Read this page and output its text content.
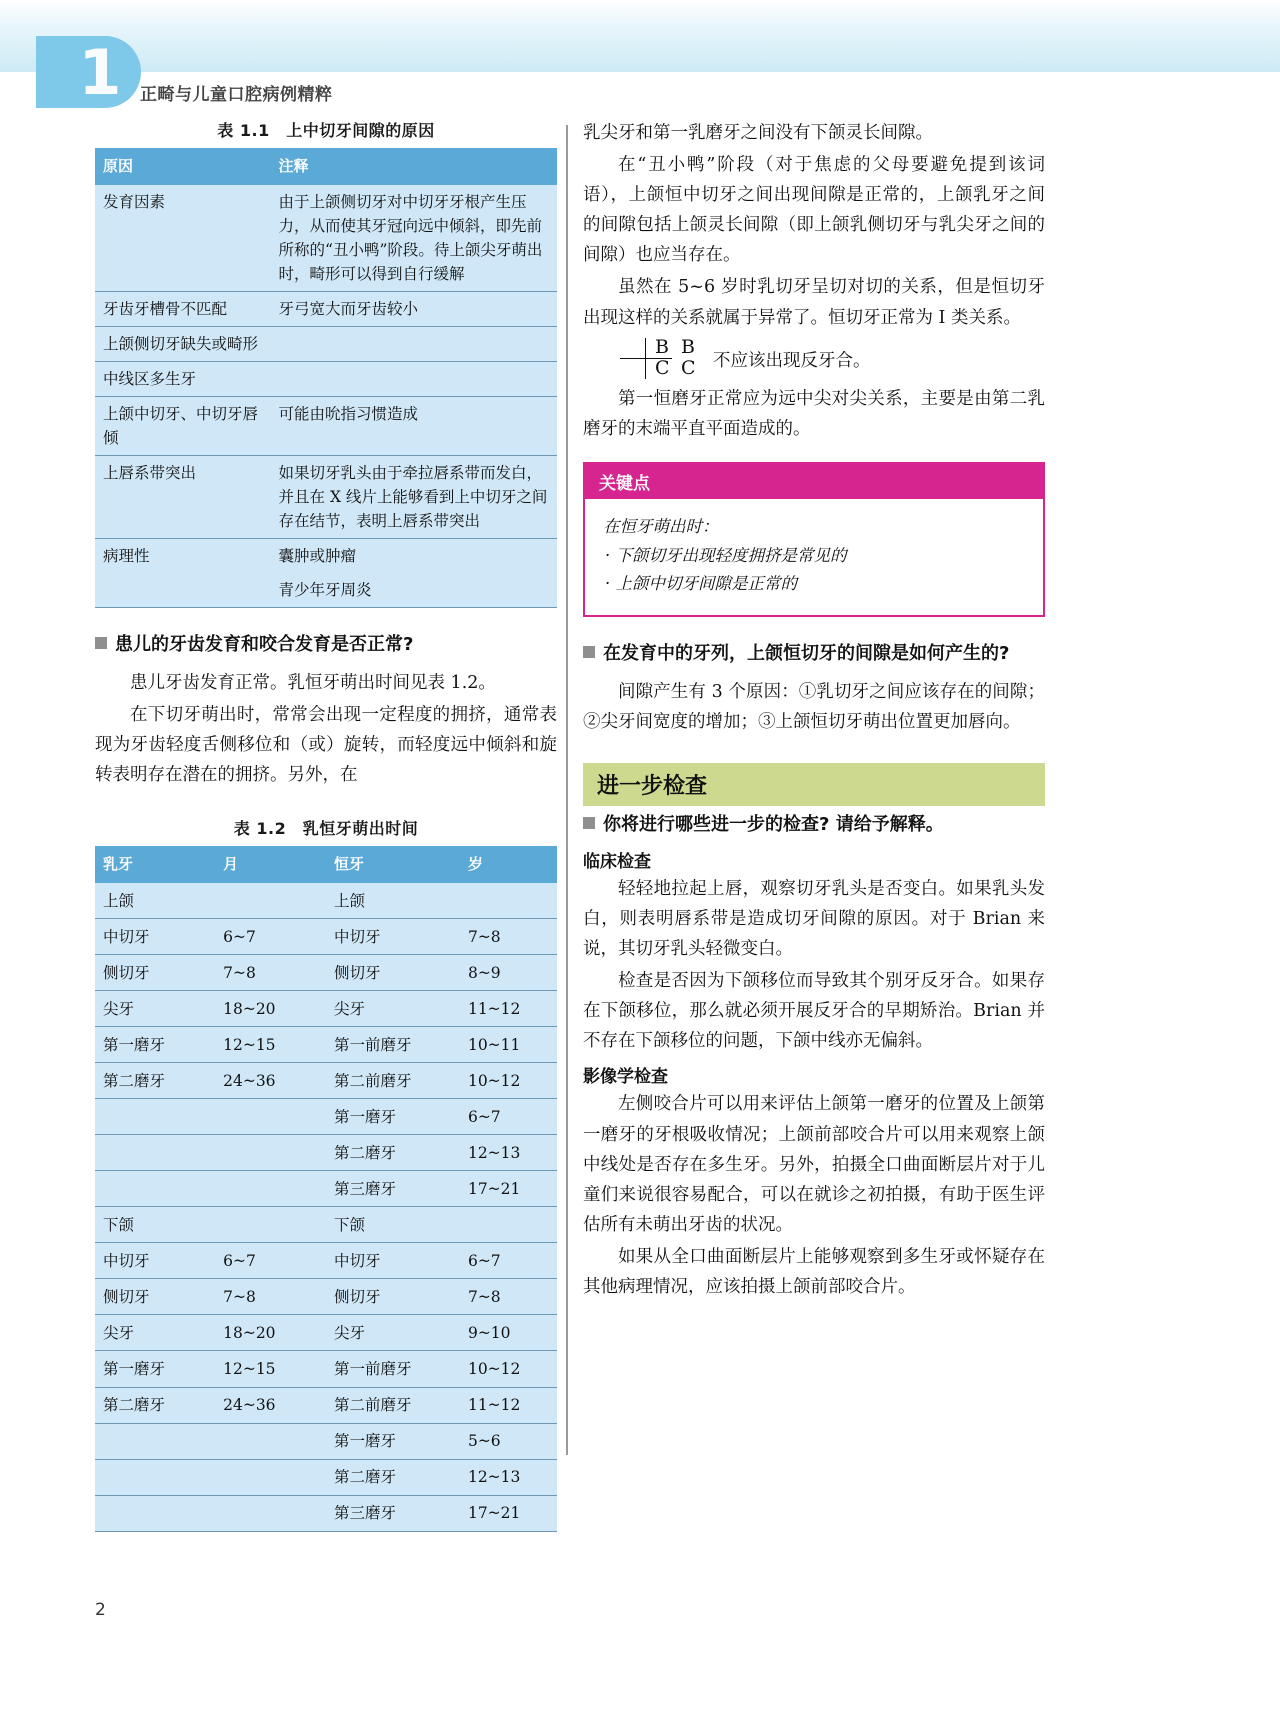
1	正畸与儿童口腔病例精粹
表 1.1　上中切牙间隙的原因
原因	注释
发育因素	由于上颌侧切牙对中切牙牙根产生压力，从而使其牙冠向远中倾斜，即先前所称的“丑小鸭”阶段。待上颌尖牙萌出时，畸形可以得到自行缓解
牙齿牙槽骨不匹配	牙弓宽大而牙齿较小
上颌侧切牙缺失或畸形	
中线区多生牙	
上颌中切牙、中切牙唇倾	可能由吮指习惯造成
上唇系带突出	如果切牙乳头由于牵拉唇系带而发白，并且在 X 线片上能够看到上中切牙之间存在结节，表明上唇系带突出
病理性	囊肿或肿瘤
	青少年牙周炎
患儿的牙齿发育和咬合发育是否正常?

患儿牙齿发育正常。乳恒牙萌出时间见表 1.2。

在下切牙萌出时，常常会出现一定程度的拥挤，通常表现为牙齿轻度舌侧移位和（或）旋转，而轻度远中倾斜和旋转表明存在潜在的拥挤。另外，在

表 1.2　乳恒牙萌出时间
乳牙	月	恒牙	岁
上颌		上颌	
中切牙	6~7	中切牙	7~8
侧切牙	7~8	侧切牙	8~9
尖牙	18~20	尖牙	11~12
第一磨牙	12~15	第一前磨牙	10~11
第二磨牙	24~36	第二前磨牙	10~12
		第一磨牙	6~7
		第二磨牙	12~13
		第三磨牙	17~21
下颌		下颌	
中切牙	6~7	中切牙	6~7
侧切牙	7~8	侧切牙	7~8
尖牙	18~20	尖牙	9~10
第一磨牙	12~15	第一前磨牙	10~12
第二磨牙	24~36	第二前磨牙	11~12
		第一磨牙	5~6
		第二磨牙	12~13
		第三磨牙	17~21

乳尖牙和第一乳磨牙之间没有下颌灵长间隙。

在“丑小鸭”阶段（对于焦虑的父母要避免提到该词语），上颌恒中切牙之间出现间隙是正常的，上颌乳牙之间的间隙包括上颌灵长间隙（即上颌乳侧切牙与乳尖牙之间的间隙）也应当存在。

虽然在 5~6 岁时乳切牙呈切对切的关系，但是恒切牙出现这样的关系就属于异常了。恒切牙正常为 I 类关系。

B B
C C 不应该出现反牙合。

第一恒磨牙正常应为远中尖对尖关系，主要是由第二乳磨牙的末端平直平面造成的。

关键点
在恒牙萌出时：
· 下颌切牙出现轻度拥挤是常见的
· 上颌中切牙间隙是正常的
在发育中的牙列，上颌恒切牙的间隙是如何产生的?

间隙产生有 3 个原因：①乳切牙之间应该存在的间隙；②尖牙间宽度的增加；③上颌恒切牙萌出位置更加唇向。

进一步检查
你将进行哪些进一步的检查? 请给予解释。
临床检查

轻轻地拉起上唇，观察切牙乳头是否变白。如果乳头发白，则表明唇系带是造成切牙间隙的原因。对于 Brian 来说，其切牙乳头轻微变白。

检查是否因为下颌移位而导致其个别牙反牙合。如果存在下颌移位，那么就必须开展反牙合的早期矫治。Brian 并不存在下颌移位的问题，下颌中线亦无偏斜。

影像学检查

左侧咬合片可以用来评估上颌第一磨牙的位置及上颌第一磨牙的牙根吸收情况；上颌前部咬合片可以用来观察上颌中线处是否存在多生牙。另外，拍摄全口曲面断层片对于儿童们来说很容易配合，可以在就诊之初拍摄，有助于医生评估所有未萌出牙齿的状况。

如果从全口曲面断层片上能够观察到多生牙或怀疑存在其他病理情况，应该拍摄上颌前部咬合片。

2
